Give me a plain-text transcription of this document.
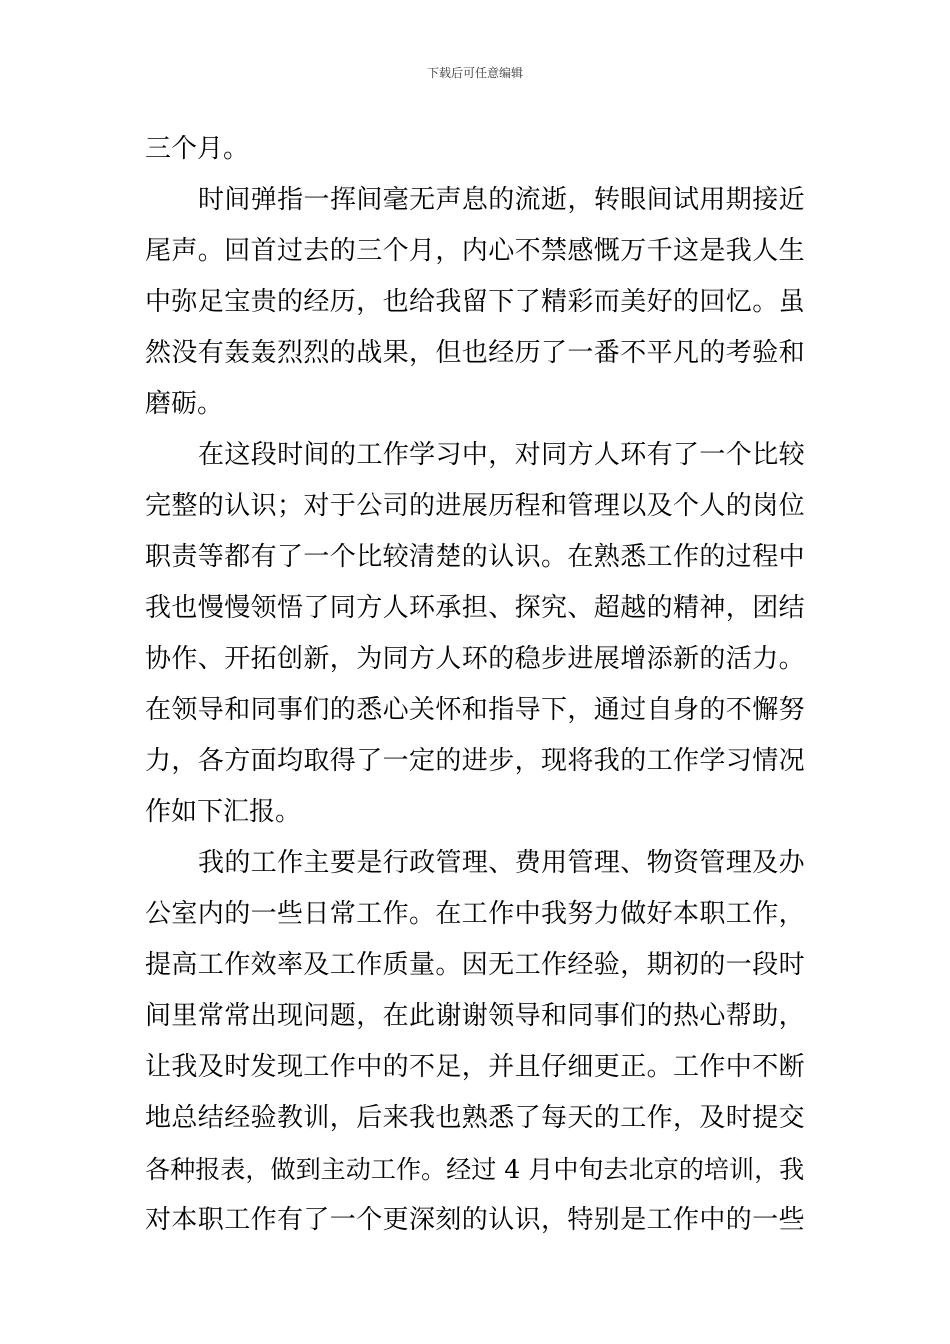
下载后可任意编辑
三个月。
时间弹指一挥间毫无声息的流逝，转眼间试用期接近
尾声。回首过去的三个月，内心不禁感慨万千这是我人生
中弥足宝贵的经历，也给我留下了精彩而美好的回忆。虽
然没有轰轰烈烈的战果，但也经历了一番不平凡的考验和
磨砺。
在这段时间的工作学习中，对同方人环有了一个比较
完整的认识；对于公司的进展历程和管理以及个人的岗位
职责等都有了一个比较清楚的认识。在熟悉工作的过程中
我也慢慢领悟了同方人环承担、探究、超越的精神，团结
协作、开拓创新，为同方人环的稳步进展增添新的活力。
在领导和同事们的悉心关怀和指导下，通过自身的不懈努
力，各方面均取得了一定的进步，现将我的工作学习情况
作如下汇报。
我的工作主要是行政管理、费用管理、物资管理及办
公室内的一些日常工作。在工作中我努力做好本职工作，
提高工作效率及工作质量。因无工作经验，期初的一段时
间里常常出现问题，在此谢谢领导和同事们的热心帮助，
让我及时发现工作中的不足，并且仔细更正。工作中不断
地总结经验教训，后来我也熟悉了每天的工作，及时提交
各种报表，做到主动工作。经过 4 月中旬去北京的培训，我
对本职工作有了一个更深刻的认识，特别是工作中的一些
